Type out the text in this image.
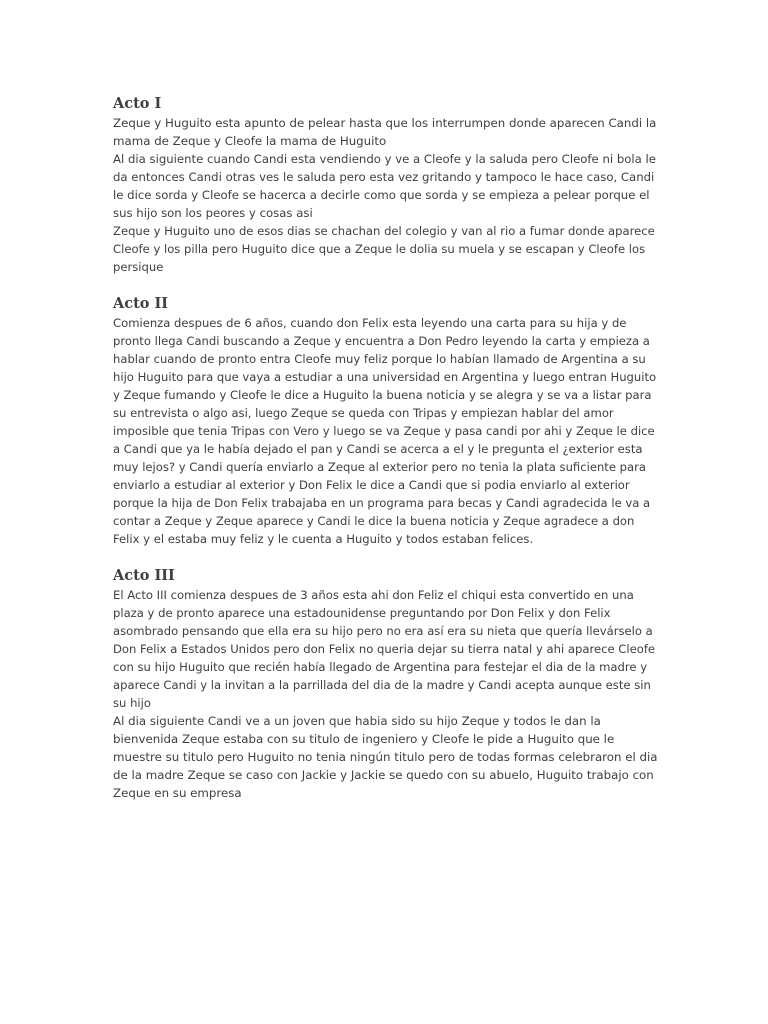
Acto I

Zeque y Huguito esta apunto de pelear hasta que los interrumpen donde aparecen Candi la
mama de Zeque y Cleofe la mama de Huguito

Al dia siguiente cuando Candi esta vendiendo y ve a Cleofe y la saluda pero Cleofe ni bola le
da entonces Candi otras ves le saluda pero esta vez gritando y tampoco le hace caso, Candi
le dice sorda y Cleofe se hacerca a decirle como que sorda y se empieza a pelear porque el
sus hijo son los peores y cosas asi

Zeque y Huguito uno de esos dias se chachan del colegio y van al rio a fumar donde aparece
Cleofe y los pilla pero Huguito dice que a Zeque le dolia su muela y se escapan y Cleofe los
persique

Acto II

Comienza despues de 6 años, cuando don Felix esta leyendo una carta para su hija y de
pronto llega Candi buscando a Zeque y encuentra a Don Pedro leyendo la carta y empieza a
hablar cuando de pronto entra Cleofe muy feliz porque lo habían llamado de Argentina a su
hijo Huguito para que vaya a estudiar a una universidad en Argentina y luego entran Huguito
y Zeque fumando y Cleofe le dice a Huguito la buena noticia y se alegra y se va a listar para
su entrevista o algo asi, luego Zeque se queda con Tripas y empiezan hablar del amor
imposible que tenia Tripas con Vero y luego se va Zeque y pasa candi por ahi y Zeque le dice
a Candi que ya le había dejado el pan y Candi se acerca a el y le pregunta el ¿exterior esta
muy lejos? y Candi quería enviarlo a Zeque al exterior pero no tenia la plata suficiente para
enviarlo a estudiar al exterior y Don Felix le dice a Candi que si podia enviarlo al exterior
porque la hija de Don Felix trabajaba en un programa para becas y Candi agradecida le va a
contar a Zeque y Zeque aparece y Candi le dice la buena noticia y Zeque agradece a don
Felix y el estaba muy feliz y le cuenta a Huguito y todos estaban felices.

Acto III

El Acto III comienza despues de 3 años esta ahi don Feliz el chiqui esta convertido en una
plaza y de pronto aparece una estadounidense preguntando por Don Felix y don Felix
asombrado pensando que ella era su hijo pero no era así era su nieta que quería llevárselo a
Don Felix a Estados Unidos pero don Felix no queria dejar su tierra natal y ahi aparece Cleofe
con su hijo Huguito que recién había llegado de Argentina para festejar el dia de la madre y
aparece Candi y la invitan a la parrillada del dia de la madre y Candi acepta aunque este sin
su hijo

Al dia siguiente Candi ve a un joven que habia sido su hijo Zeque y todos le dan la
bienvenida Zeque estaba con su titulo de ingeniero y Cleofe le pide a Huguito que le
muestre su titulo pero Huguito no tenia ningún titulo pero de todas formas celebraron el dia
de la madre Zeque se caso con Jackie y Jackie se quedo con su abuelo, Huguito trabajo con
Zeque en su empresa
